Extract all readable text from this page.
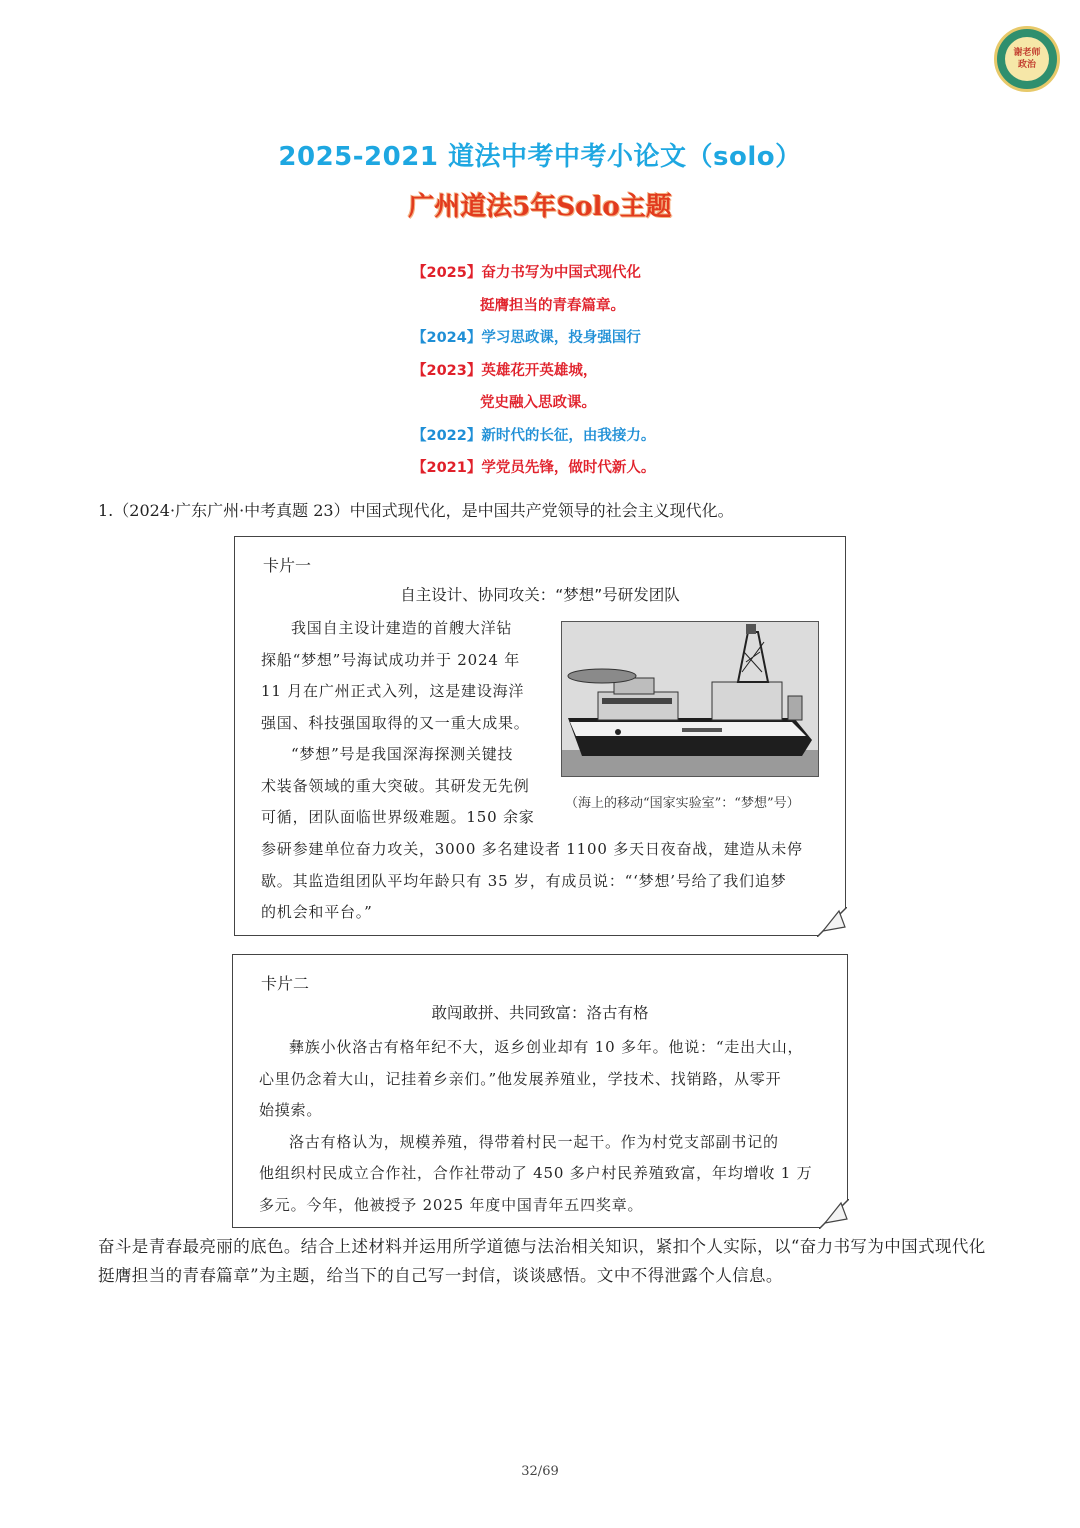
谢老师
政治
2025-2021 道法中考中考小论文（solo）
广州道法5年Solo主题
【2025】奋力书写为中国式现代化
挺膺担当的青春篇章。
【2024】学习思政课，投身强国行
【2023】英雄花开英雄城，
党史融入思政课。
【2022】新时代的长征，由我接力。
【2021】学党员先锋，做时代新人。
1.（2024·广东广州·中考真题 23）中国式现代化，是中国共产党领导的社会主义现代化。
卡片一
自主设计、协同攻关：“梦想”号研发团队
我国自主设计建造的首艘大洋钻
探船“梦想”号海试成功并于 2024 年
11 月在广州正式入列，这是建设海洋
强国、科技强国取得的又一重大成果。
“梦想”号是我国深海探测关键技
术装备领域的重大突破。其研发无先例
可循，团队面临世界级难题。150 余家
参研参建单位奋力攻关，3000 多名建设者 1100 多天日夜奋战，建造从未停
歇。其监造组团队平均年龄只有 35 岁，有成员说：“‘梦想’号给了我们追梦
的机会和平台。”
（海上的移动“国家实验室”：“梦想”号）
卡片二
敢闯敢拼、共同致富：洛古有格
彝族小伙洛古有格年纪不大，返乡创业却有 10 多年。他说：“走出大山，
心里仍念着大山，记挂着乡亲们。”他发展养殖业，学技术、找销路，从零开
始摸索。
洛古有格认为，规模养殖，得带着村民一起干。作为村党支部副书记的
他组织村民成立合作社，合作社带动了 450 多户村民养殖致富，年均增收 1 万
多元。今年，他被授予 2025 年度中国青年五四奖章。
奋斗是青春最亮丽的底色。结合上述材料并运用所学道德与法治相关知识，紧扣个人实际，以“奋力书写为中国式现代化挺膺担当的青春篇章”为主题，给当下的自己写一封信，谈谈感悟。文中不得泄露个人信息。
32/69
